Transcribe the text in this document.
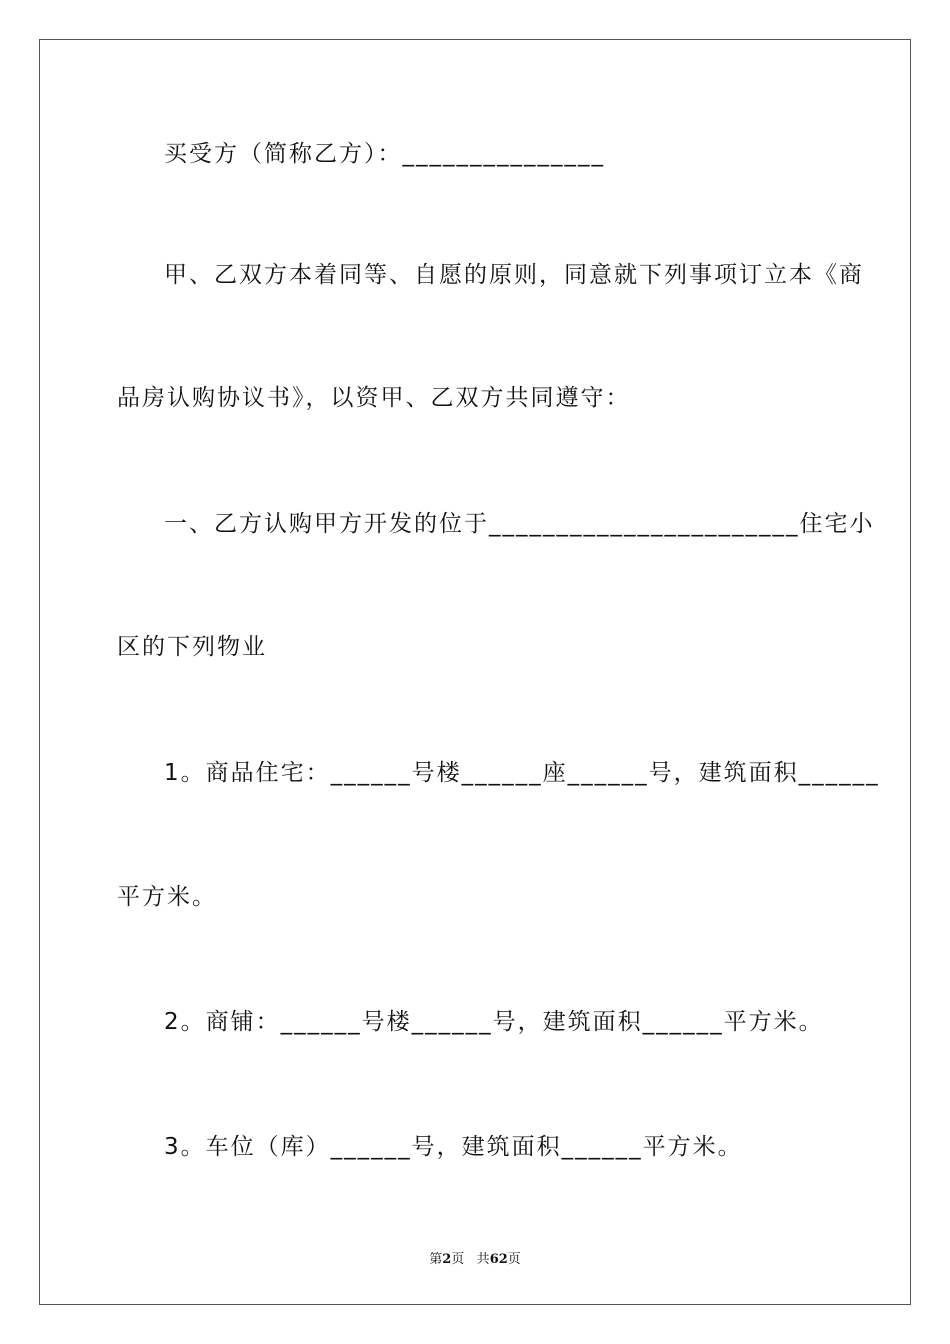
买受方（简称乙方）：_______________
甲、乙双方本着同等、自愿的原则，同意就下列事项订立本《商
品房认购协议书》，以资甲、乙双方共同遵守：
一、乙方认购甲方开发的位于_______________________住宅小
区的下列物业
1。商品住宅：______号楼______座______号，建筑面积______
平方米。
2。商铺：______号楼______号，建筑面积______平方米。
3。车位（库）______号，建筑面积______平方米。
第2页 共62页
